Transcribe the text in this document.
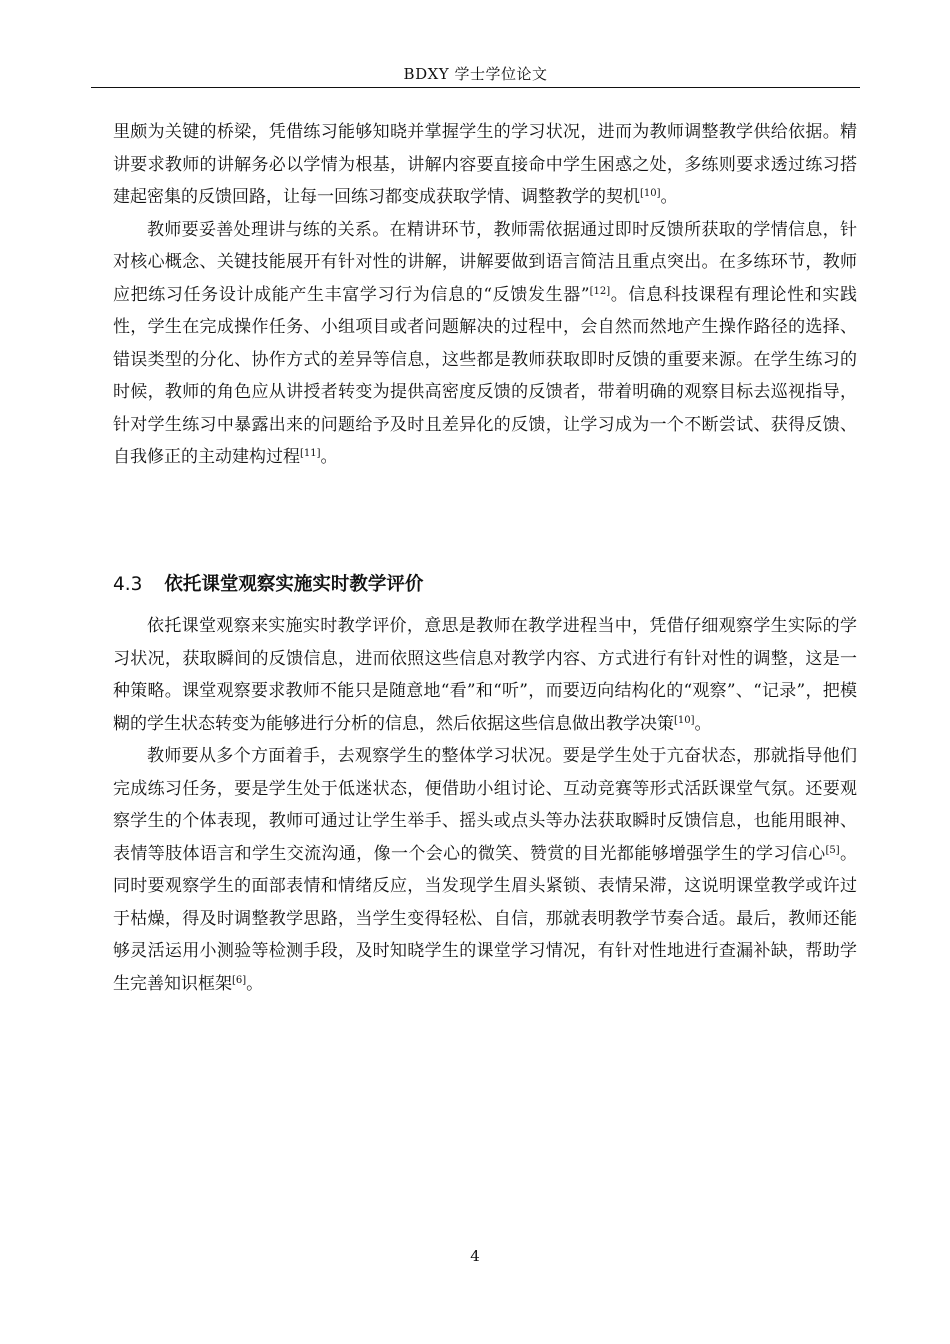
BDXY 学士学位论文

里颇为关键的桥梁，凭借练习能够知晓并掌握学生的学习状况，进而为教师调整教学供给依据。精讲要求教师的讲解务必以学情为根基，讲解内容要直接命中学生困惑之处，多练则要求透过练习搭建起密集的反馈回路，让每一回练习都变成获取学情、调整教学的契机[10]。

教师要妥善处理讲与练的关系。在精讲环节，教师需依据通过即时反馈所获取的学情信息，针对核心概念、关键技能展开有针对性的讲解，讲解要做到语言简洁且重点突出。在多练环节，教师应把练习任务设计成能产生丰富学习行为信息的“反馈发生器”[12]。信息科技课程有理论性和实践性，学生在完成操作任务、小组项目或者问题解决的过程中，会自然而然地产生操作路径的选择、错误类型的分化、协作方式的差异等信息，这些都是教师获取即时反馈的重要来源。在学生练习的时候，教师的角色应从讲授者转变为提供高密度反馈的反馈者，带着明确的观察目标去巡视指导，针对学生练习中暴露出来的问题给予及时且差异化的反馈，让学习成为一个不断尝试、获得反馈、自我修正的主动建构过程[11]。

4.3 依托课堂观察实施实时教学评价

依托课堂观察来实施实时教学评价，意思是教师在教学进程当中，凭借仔细观察学生实际的学习状况，获取瞬间的反馈信息，进而依照这些信息对教学内容、方式进行有针对性的调整，这是一种策略。课堂观察要求教师不能只是随意地“看”和“听”，而要迈向结构化的“观察”、“记录”，把模糊的学生状态转变为能够进行分析的信息，然后依据这些信息做出教学决策[10]。

教师要从多个方面着手，去观察学生的整体学习状况。要是学生处于亢奋状态，那就指导他们完成练习任务，要是学生处于低迷状态，便借助小组讨论、互动竞赛等形式活跃课堂气氛。还要观察学生的个体表现，教师可通过让学生举手、摇头或点头等办法获取瞬时反馈信息，也能用眼神、表情等肢体语言和学生交流沟通，像一个会心的微笑、赞赏的目光都能够增强学生的学习信心[5]。同时要观察学生的面部表情和情绪反应，当发现学生眉头紧锁、表情呆滞，这说明课堂教学或许过于枯燥，得及时调整教学思路，当学生变得轻松、自信，那就表明教学节奏合适。最后，教师还能够灵活运用小测验等检测手段，及时知晓学生的课堂学习情况，有针对性地进行查漏补缺，帮助学生完善知识框架[6]。

4
